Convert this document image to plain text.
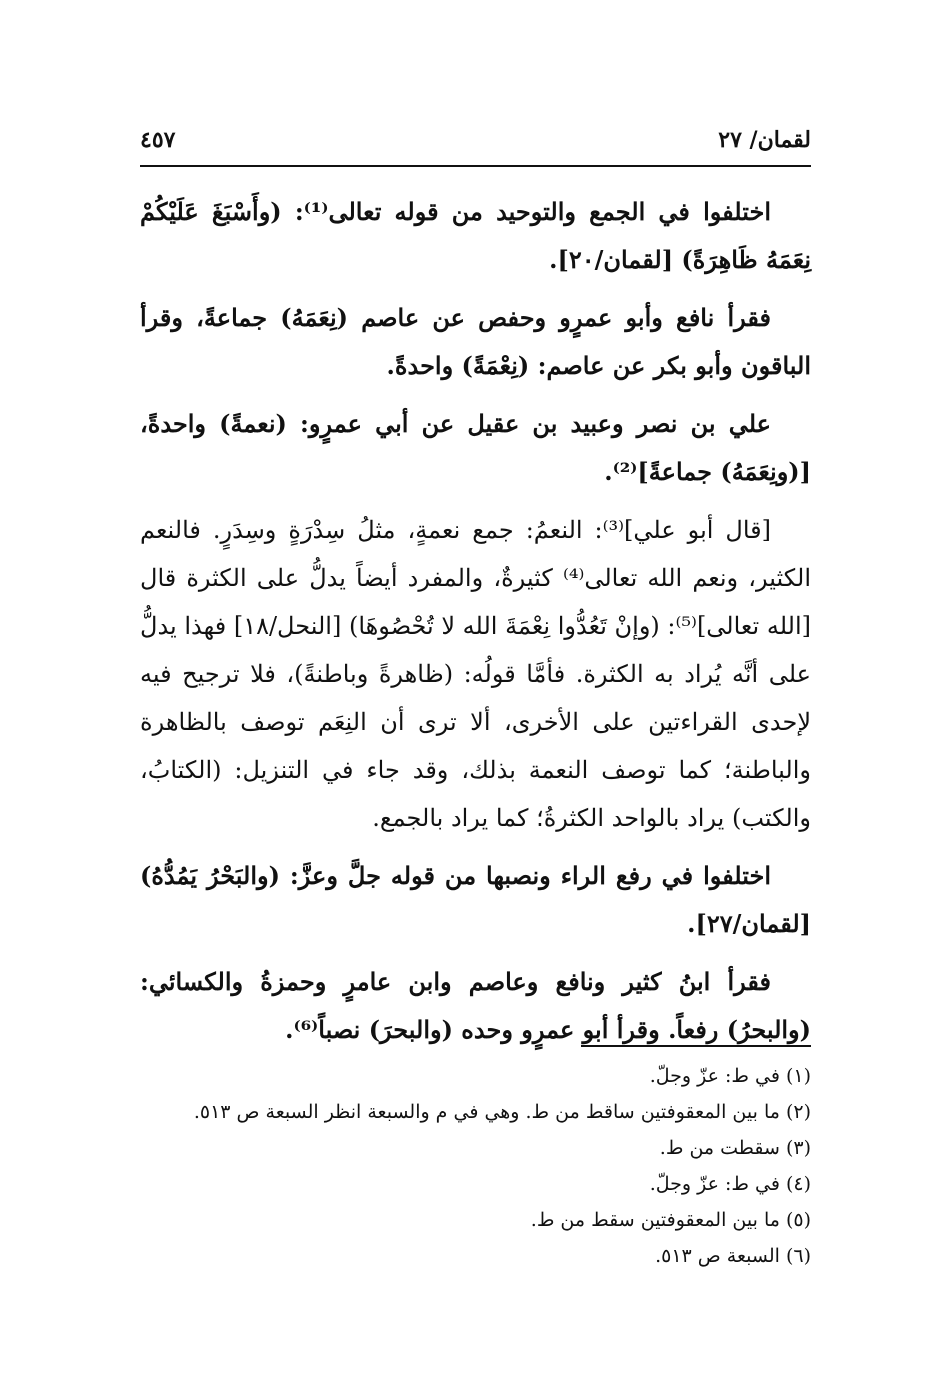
لقمان/ ٢٧
٤٥٧

اختلفوا في الجمع والتوحيد من قوله تعالى⁽¹⁾: (وأَسْبَغَ عَلَيْكُمْ نِعَمَهُ ظَاهِرَةً) [لقمان/٢٠].

فقرأ نافع وأبو عمرٍو وحفص عن عاصم (نِعَمَهُ) جماعةً، وقرأ الباقون وأبو بكر عن عاصم: (نِعْمَةً) واحدةً.

علي بن نصر وعبيد بن عقيل عن أبي عمرٍو: (نعمةً) واحدةً، [(ونِعَمَهُ) جماعةً]⁽²⁾.

[قال أبو علي]⁽³⁾: النعمُ: جمع نعمةٍ، مثلُ سِدْرَةٍ وسِدَرٍ. فالنعم الكثير، ونعم الله تعالى⁽⁴⁾ كثيرةٌ، والمفرد أيضاً يدلُّ على الكثرة قال [الله تعالى]⁽⁵⁾: (وإنْ تَعُدُّوا نِعْمَةَ الله لا تُحْصُوهَا) [النحل/١٨] فهذا يدلُّ على أنَّه يُراد به الكثرة. فأمَّا قولُه: (ظاهرةً وباطنةً)، فلا ترجيح فيه لإحدى القراءتين على الأخرى، ألا ترى أن النِعَم توصف بالظاهرة والباطنة؛ كما توصف النعمة بذلك، وقد جاء في التنزيل: (الكتابُ، والكتب) يراد بالواحد الكثرةُ؛ كما يراد بالجمع.

اختلفوا في رفع الراء ونصبها من قوله جلَّ وعزَّ: (والبَحْرُ يَمُدُّهُ) [لقمان/٢٧].

فقرأ ابنُ كثير ونافع وعاصم وابن عامرٍ وحمزةُ والكسائي: (والبحرُ) رفعاً. وقرأ أبو عمرٍو وحده (والبحرَ) نصباً⁽⁶⁾.

(١) في ط: عزّ وجلّ.

(٢) ما بين المعقوفتين ساقط من ط. وهي في م والسبعة انظر السبعة ص ٥١٣.

(٣) سقطت من ط.

(٤) في ط: عزّ وجلّ.

(٥) ما بين المعقوفتين سقط من ط.

(٦) السبعة ص ٥١٣.
